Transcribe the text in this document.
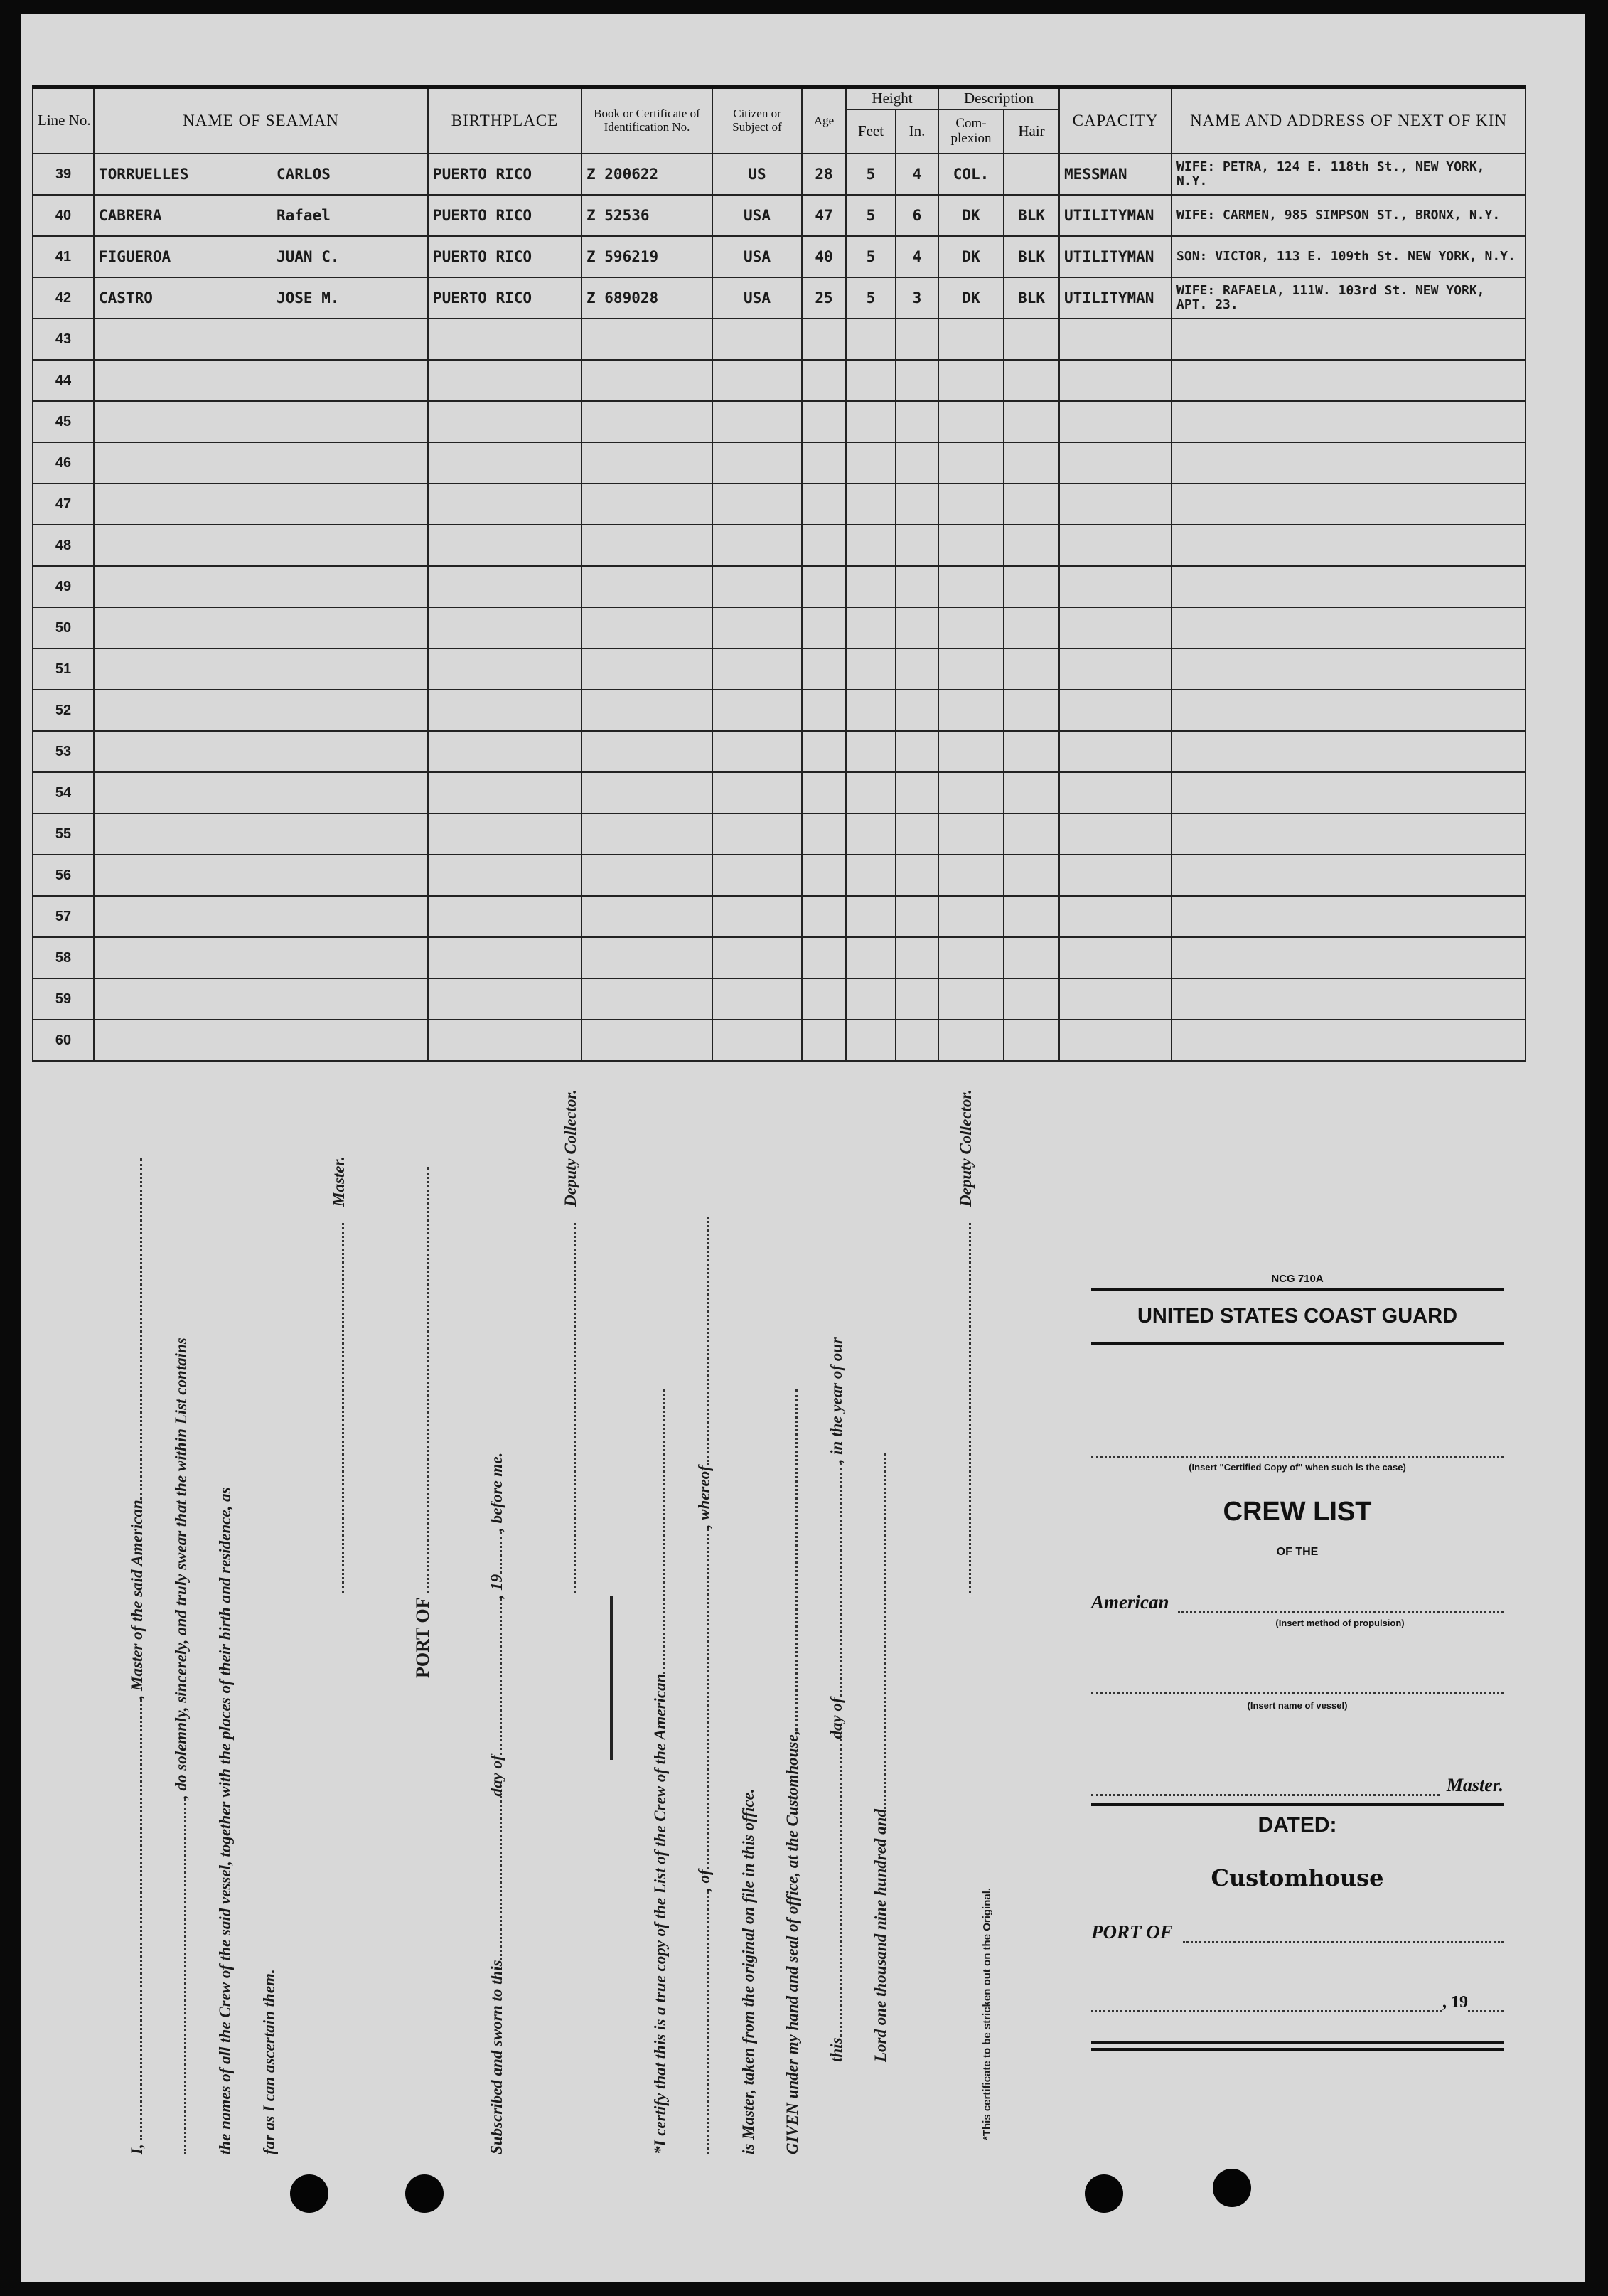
Line No.	NAME OF SEAMAN	BIRTHPLACE	Book or Certificate of Identification No.	Citizen or Subject of	Age	Height		Description		CAPACITY	NAME AND ADDRESS OF NEXT OF KIN
						Feet	In.	Com-plexion	Hair		
39	TORRUELLES CARLOS	PUERTO RICO	Z 200622	US	28	5	4	COL.		MESSMAN	WIFE: PETRA, 124 E. 118th St., NEW YORK, N.Y.
40	CABRERA Rafael	PUERTO RICO	Z 52536	USA	47	5	6	DK	BLK	UTILITYMAN	WIFE: CARMEN, 985 SIMPSON ST., BRONX, N.Y.
41	FIGUEROA JUAN C.	PUERTO RICO	Z 596219	USA	40	5	4	DK	BLK	UTILITYMAN	SON: VICTOR, 113 E. 109th St. NEW YORK, N.Y.
42	CASTRO JOSE M.	PUERTO RICO	Z 689028	USA	25	5	3	DK	BLK	UTILITYMAN	WIFE: RAFAELA, 111W. 103rd St. NEW YORK, APT. 23.
43											
44											
45											
46											
47											
48											
49											
50											
51											
52											
53											
54											
55											
56											
57											
58											
59											
60											
I, , Master of the said American , do solemnly, sincerely, and truly swear that the within List contains the names of all the Crew of the said vessel, together with the places of their birth and residence, as far as I can ascertain them.
Master.
PORT OF
Subscribed and sworn to thisday of, 19, before me.
Deputy Collector.
*I certify that this is a true copy of the List of the Crew of the American , of, whereof
is Master, taken from the original on file in this office. GIVEN under my hand and seal of office, at the Customhouse, thisday of, in the year of our
Lord one thousand nine hundred and
Deputy Collector.
*This certificate to be stricken out on the Original.
NCG 710A
UNITED STATES COAST GUARD
(Insert "Certified Copy of" when such is the case)
CREW LIST
OF THE
American
(Insert method of propulsion)
(Insert name of vessel)
Master.
DATED:
Customhouse
PORT OF
, 19
